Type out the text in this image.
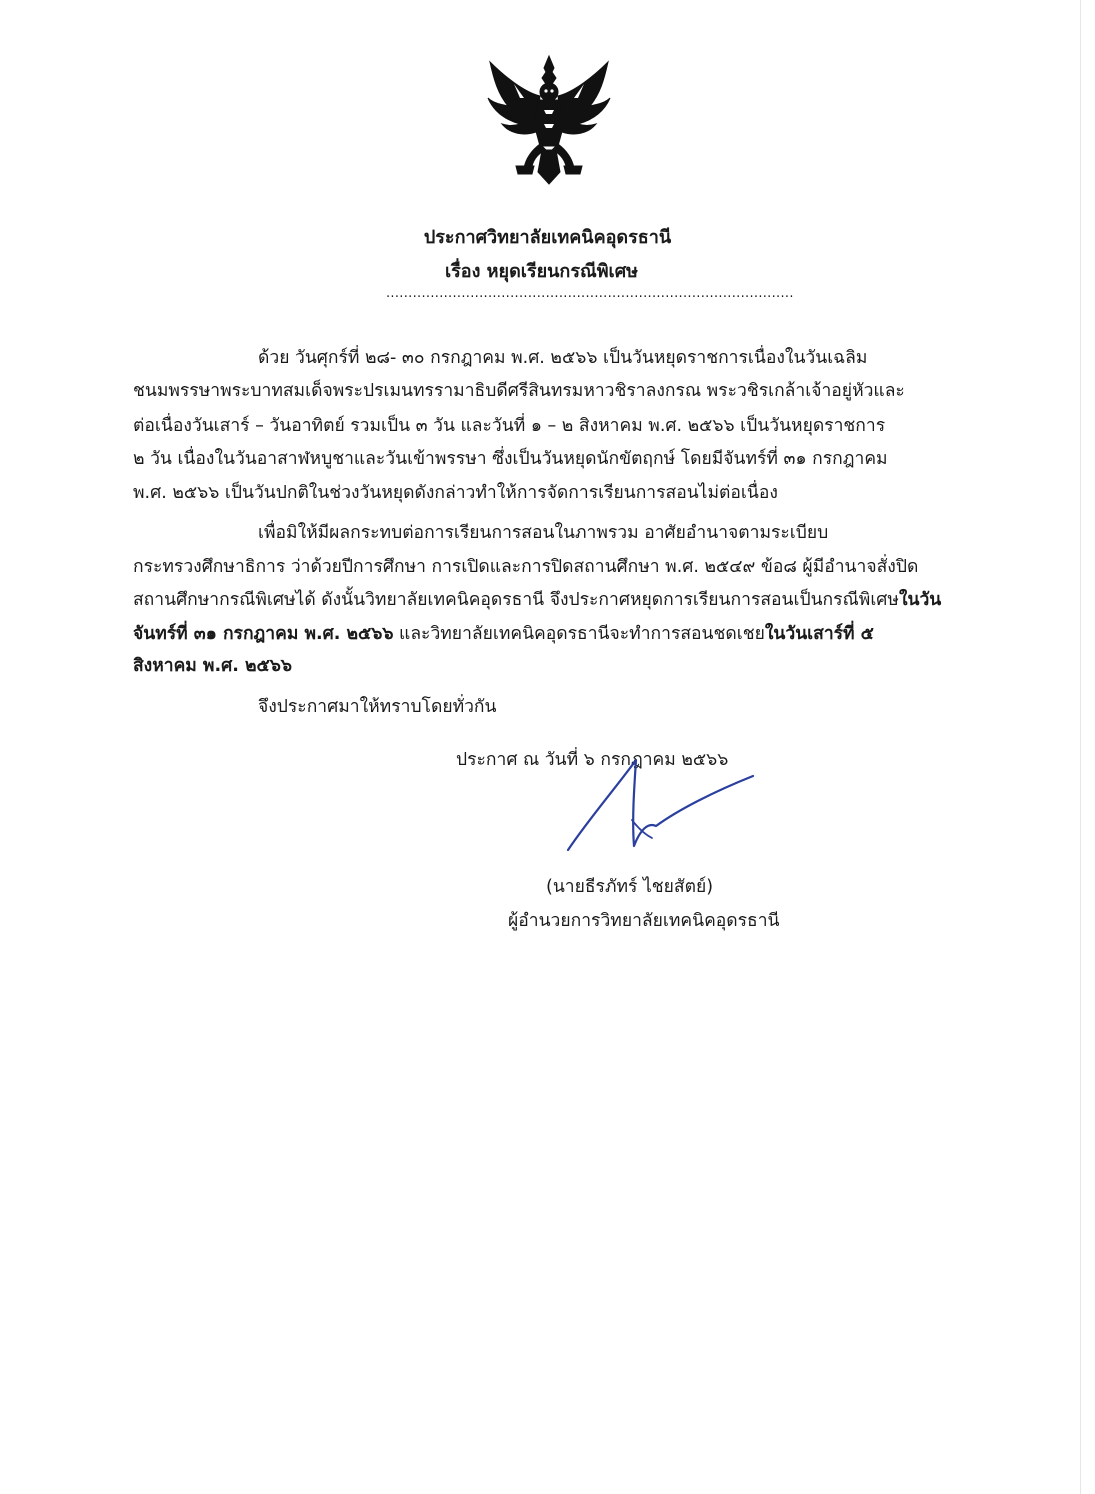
ประกาศวิทยาลัยเทคนิคอุดรธานี
เรื่อง หยุดเรียนกรณีพิเศษ
............................................................................................
ด้วย วันศุกร์ที่ ๒๘- ๓๐ กรกฎาคม พ.ศ. ๒๕๖๖ เป็นวันหยุดราชการเนื่องในวันเฉลิม
ชนมพรรษาพระบาทสมเด็จพระปรเมนทรรามาธิบดีศรีสินทรมหาวชิราลงกรณ พระวชิรเกล้าเจ้าอยู่หัวและ
ต่อเนื่องวันเสาร์ – วันอาทิตย์ รวมเป็น ๓ วัน และวันที่ ๑ – ๒ สิงหาคม พ.ศ. ๒๕๖๖ เป็นวันหยุดราชการ
๒ วัน เนื่องในวันอาสาฬหบูชาและวันเข้าพรรษา ซึ่งเป็นวันหยุดนักขัตฤกษ์ โดยมีจันทร์ที่ ๓๑ กรกฎาคม
พ.ศ. ๒๕๖๖ เป็นวันปกติในช่วงวันหยุดดังกล่าวทำให้การจัดการเรียนการสอนไม่ต่อเนื่อง
เพื่อมิให้มีผลกระทบต่อการเรียนการสอนในภาพรวม อาศัยอำนาจตามระเบียบ
กระทรวงศึกษาธิการ ว่าด้วยปีการศึกษา การเปิดและการปิดสถานศึกษา พ.ศ. ๒๕๔๙ ข้อ๘ ผู้มีอำนาจสั่งปิด
สถานศึกษากรณีพิเศษได้ ดังนั้นวิทยาลัยเทคนิคอุดรธานี จึงประกาศหยุดการเรียนการสอนเป็นกรณีพิเศษในวัน
จันทร์ที่ ๓๑ กรกฎาคม พ.ศ. ๒๕๖๖ และวิทยาลัยเทคนิคอุดรธานีจะทำการสอนชดเชยในวันเสาร์ที่ ๕
สิงหาคม พ.ศ. ๒๕๖๖
จึงประกาศมาให้ทราบโดยทั่วกัน
ประกาศ ณ วันที่ ๖ กรกฎาคม ๒๕๖๖
(นายธีรภัทร์ ไชยสัตย์)
ผู้อำนวยการวิทยาลัยเทคนิคอุดรธานี
